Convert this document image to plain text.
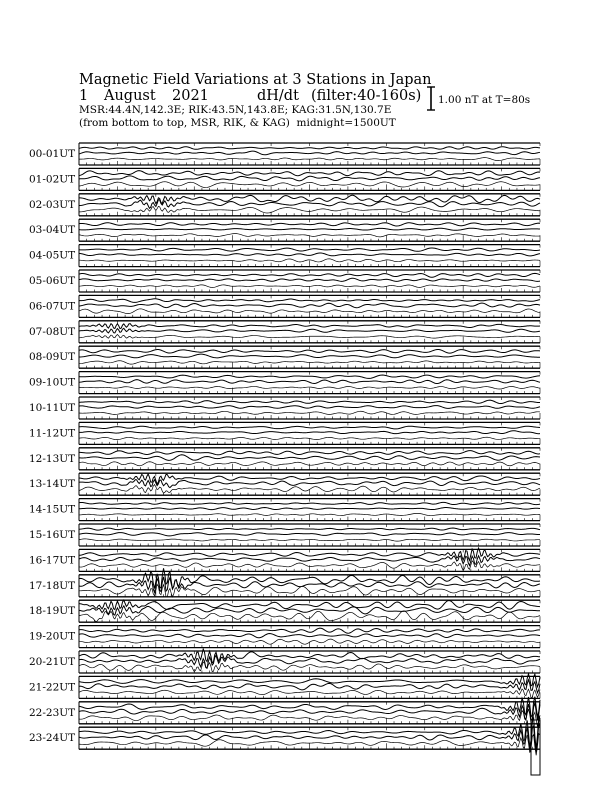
Magnetic Field Variations at 3 Stations in Japan
1 August 2021	dH/dt (filter:40-160s)
MSR:44.4N,142.3E; RIK:43.5N,143.8E; KAG:31.5N,130.7E
(from bottom to top, MSR, RIK, & KAG) midnight=1500UT
1.00 nT at T=80s
00-01UT
01-02UT
02-03UT
03-04UT
04-05UT
05-06UT
06-07UT
07-08UT
08-09UT
09-10UT
10-11UT
11-12UT
12-13UT
13-14UT
14-15UT
15-16UT
16-17UT
17-18UT
18-19UT
19-20UT
20-21UT
21-22UT
22-23UT
23-24UT
